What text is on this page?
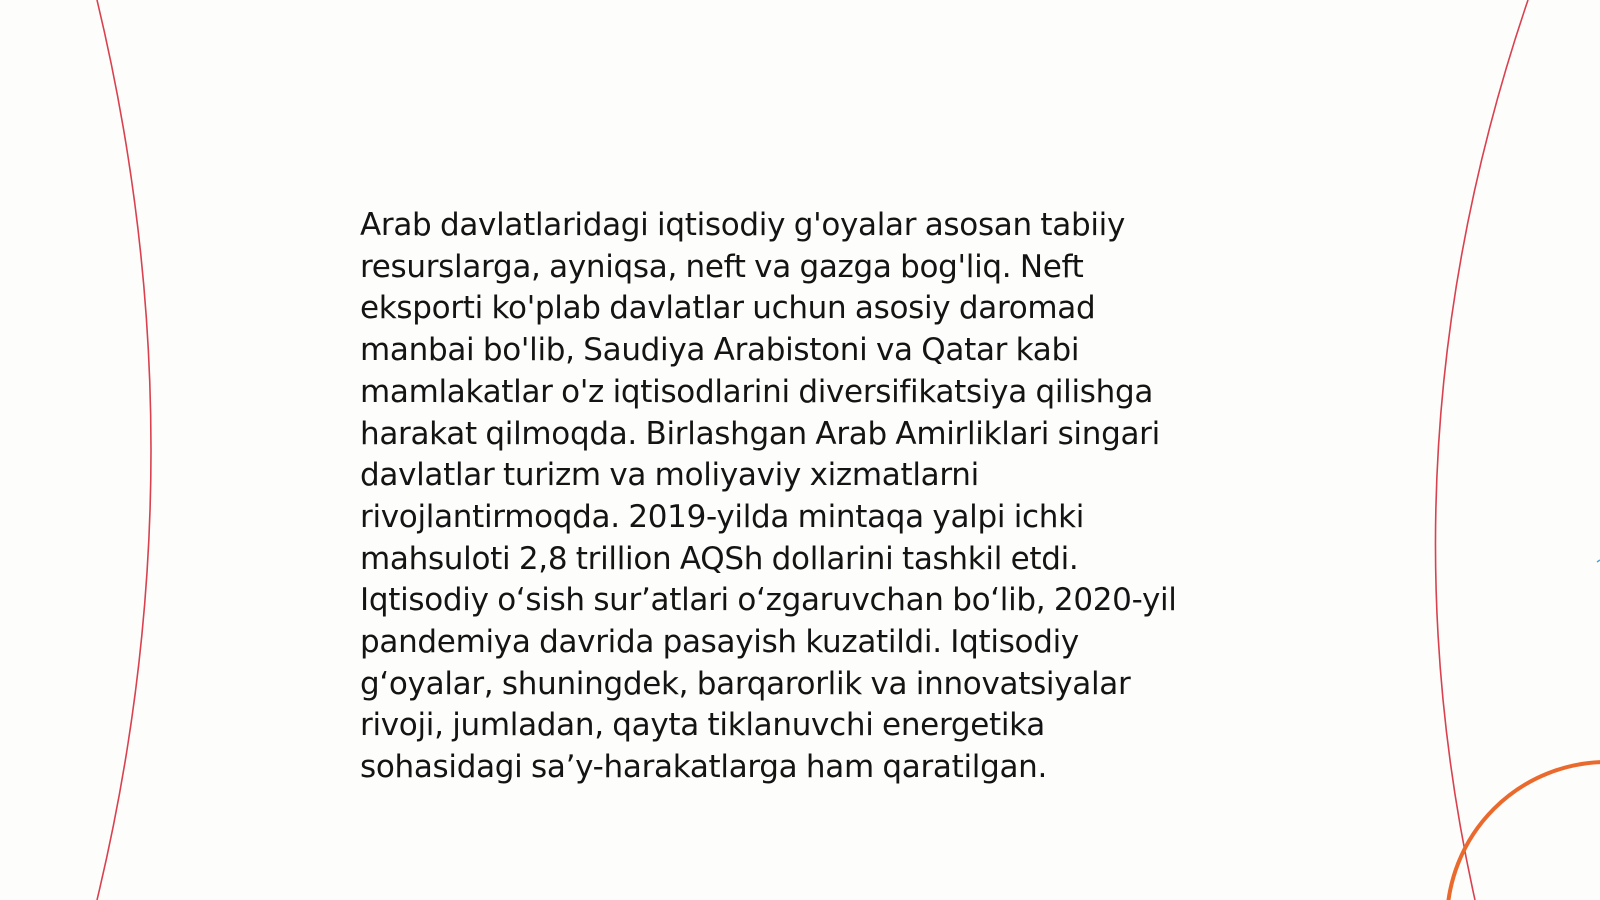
Arab davlatlaridagi iqtisodiy g'oyalar asosan tabiiy
resurslarga, ayniqsa, neft va gazga bog'liq. Neft
eksporti ko'plab davlatlar uchun asosiy daromad
manbai bo'lib, Saudiya Arabistoni va Qatar kabi
mamlakatlar o'z iqtisodlarini diversifikatsiya qilishga
harakat qilmoqda. Birlashgan Arab Amirliklari singari
davlatlar turizm va moliyaviy xizmatlarni
rivojlantirmoqda. 2019-yilda mintaqa yalpi ichki
mahsuloti 2,8 trillion AQSh dollarini tashkil etdi.
Iqtisodiy o‘sish sur’atlari o‘zgaruvchan bo‘lib, 2020-yil
pandemiya davrida pasayish kuzatildi. Iqtisodiy
g‘oyalar, shuningdek, barqarorlik va innovatsiyalar
rivoji, jumladan, qayta tiklanuvchi energetika
sohasidagi sa’y-harakatlarga ham qaratilgan.
